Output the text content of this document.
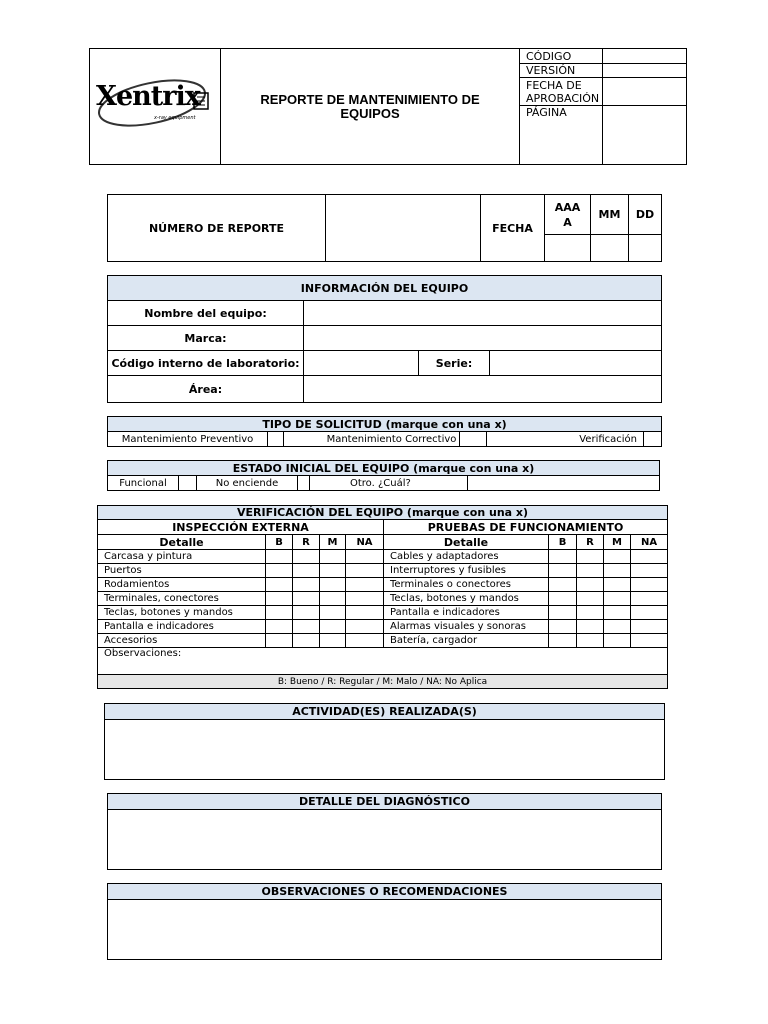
Xentrix
x-ray equipment	REPORTE DE MANTENIMIENTO DE EQUIPOS	CÓDIGO	
		VERSIÓN	
		FECHA DE APROBACIÓN	
		PÁGINA	
NÚMERO DE REPORTE		FECHA	AAA A	MM	DD

INFORMACIÓN DEL EQUIPO			
Nombre del equipo:			
Marca:			
Código interno de laboratorio:		Serie:	
Área:			
TIPO DE SOLICITUD (marque con una x)
Mantenimiento Preventivo		Mantenimiento Correctivo		Verificación	
ESTADO INICIAL DEL EQUIPO (marque con una x)
Funcional		No enciende		Otro. ¿Cuál?	
VERIFICACIÓN DEL EQUIPO (marque con una x)									
INSPECCIÓN EXTERNA					PRUEBAS DE FUNCIONAMIENTO				
Detalle	B	R	M	NA	Detalle	B	R	M	NA
Carcasa y pintura					Cables y adaptadores				
Puertos					Interruptores y fusibles				
Rodamientos					Terminales o conectores				
Terminales, conectores					Teclas, botones y mandos				
Teclas, botones y mandos					Pantalla e indicadores				
Pantalla e indicadores					Alarmas visuales y sonoras				
Accesorios					Batería, cargador				
Observaciones:									
B: Bueno / R: Regular / M: Malo / NA: No Aplica									
ACTIVIDAD(ES) REALIZADA(S)

DETALLE DEL DIAGNÓSTICO

OBSERVACIONES O RECOMENDACIONES
